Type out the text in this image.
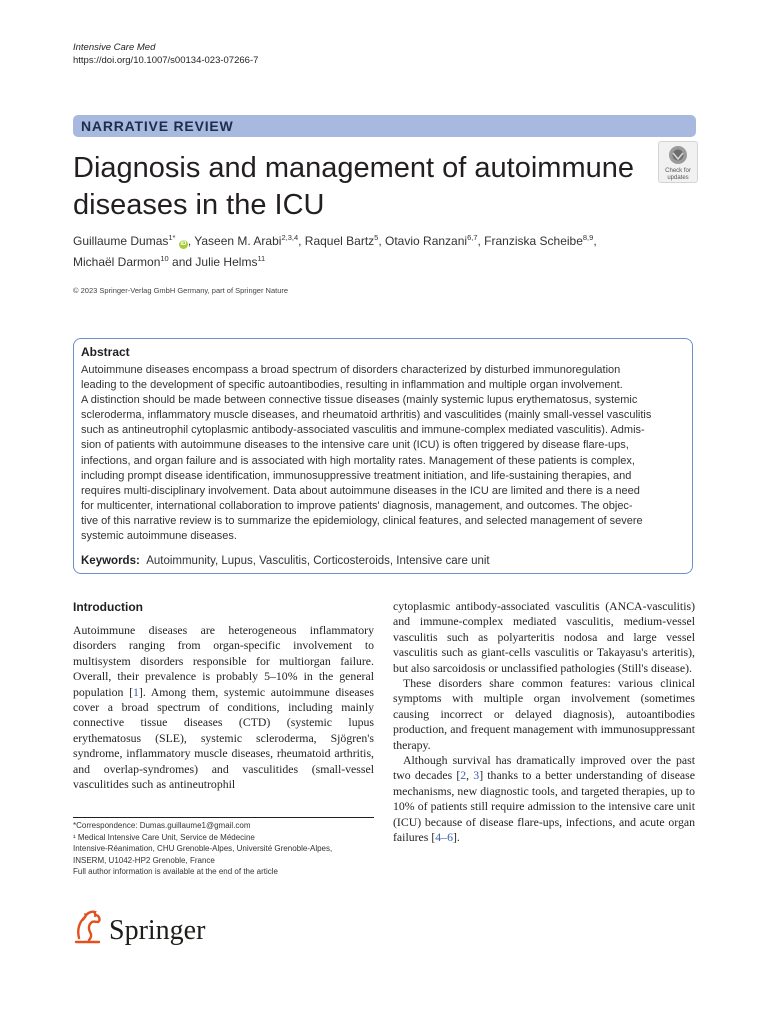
Intensive Care Med
https://doi.org/10.1007/s00134-023-07266-7
NARRATIVE REVIEW
Diagnosis and management of autoimmune diseases in the ICU
Check for
updates
Guillaume Dumas$^{1*}$ iD , Yaseen M. Arabi$^{2,3,4}$, Raquel Bartz$^5$, Otavio Ranzani$^{6,7}$, Franziska Scheibe$^{8,9}$,
Michaël Darmon$^{10}$ and Julie Helms$^{11}$
© 2023 Springer-Verlag GmbH Germany, part of Springer Nature
Abstract
Autoimmune diseases encompass a broad spectrum of disorders characterized by disturbed immunoregulation
leading to the development of specific autoantibodies, resulting in inflammation and multiple organ involvement.
A distinction should be made between connective tissue diseases (mainly systemic lupus erythematosus, systemic
scleroderma, inflammatory muscle diseases, and rheumatoid arthritis) and vasculitides (mainly small-vessel vasculitis
such as antineutrophil cytoplasmic antibody-associated vasculitis and immune-complex mediated vasculitis). Admis-
sion of patients with autoimmune diseases to the intensive care unit (ICU) is often triggered by disease flare-ups,
infections, and organ failure and is associated with high mortality rates. Management of these patients is complex,
including prompt disease identification, immunosuppressive treatment initiation, and life-sustaining therapies, and
requires multi-disciplinary involvement. Data about autoimmune diseases in the ICU are limited and there is a need
for multicenter, international collaboration to improve patients' diagnosis, management, and outcomes. The objec-
tive of this narrative review is to summarize the epidemiology, clinical features, and selected management of severe
systemic autoimmune diseases.
Keywords: Autoimmunity, Lupus, Vasculitis, Corticosteroids, Intensive care unit
Introduction

Autoimmune diseases are heterogeneous inflammatory disorders ranging from organ-specific involvement to multisystem disorders responsible for multiorgan failure. Overall, their prevalence is probably 5–10% in the general population [1]. Among them, systemic autoimmune diseases cover a broad spectrum of conditions, including mainly connective tissue diseases (CTD) (systemic lupus erythematosus (SLE), systemic scleroderma, Sjögren's syndrome, inflammatory muscle diseases, rheumatoid arthritis, and overlap-syndromes) and vasculitides (small-vessel vasculitides such as antineutrophil

cytoplasmic antibody-associated vasculitis (ANCA-vasculitis) and immune-complex mediated vasculitis, medium-vessel vasculitis such as polyarteritis nodosa and large vessel vasculitis such as giant-cells vasculitis or Takayasu's arteritis), but also sarcoidosis or unclassified pathologies (Still's disease).

These disorders share common features: various clinical symptoms with multiple organ involvement (sometimes causing incorrect or delayed diagnosis), autoantibodies production, and frequent management with immunosuppressant therapy.

Although survival has dramatically improved over the past two decades [2, 3] thanks to a better understanding of disease mechanisms, new diagnostic tools, and targeted therapies, up to 10% of patients still require admission to the intensive care unit (ICU) because of disease flare-ups, infections, and acute organ failures [4–6].

*Correspondence: Dumas.guillaume1@gmail.com
¹ Medical Intensive Care Unit, Service de Médecine
Intensive-Réanimation, CHU Grenoble-Alpes, Université Grenoble-Alpes,
INSERM, U1042-HP2 Grenoble, France
Full author information is available at the end of the article
Springer
